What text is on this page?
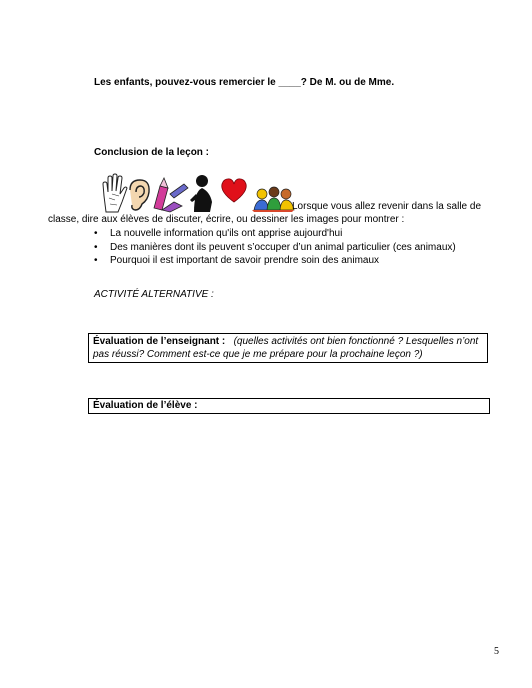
Les enfants, pouvez-vous remercier le ____? De M. ou de Mme.
Conclusion de la leçon :
Lorsque vous allez revenir dans la salle de
classe, dire aux élèves de discuter, écrire, ou dessiner les images pour montrer :
• La nouvelle information qu'ils ont apprise aujourd'hui
• Des manières dont ils peuvent s’occuper d’un animal particulier (ces animaux)
• Pourquoi il est important de savoir prendre soin des animaux
ACTIVITÉ ALTERNATIVE :
Évaluation de l’enseignant : (quelles activités ont bien fonctionné ? Lesquelles n’ont pas réussi? Comment est-ce que je me prépare pour la prochaine leçon ?)
Évaluation de l’élève :
5
